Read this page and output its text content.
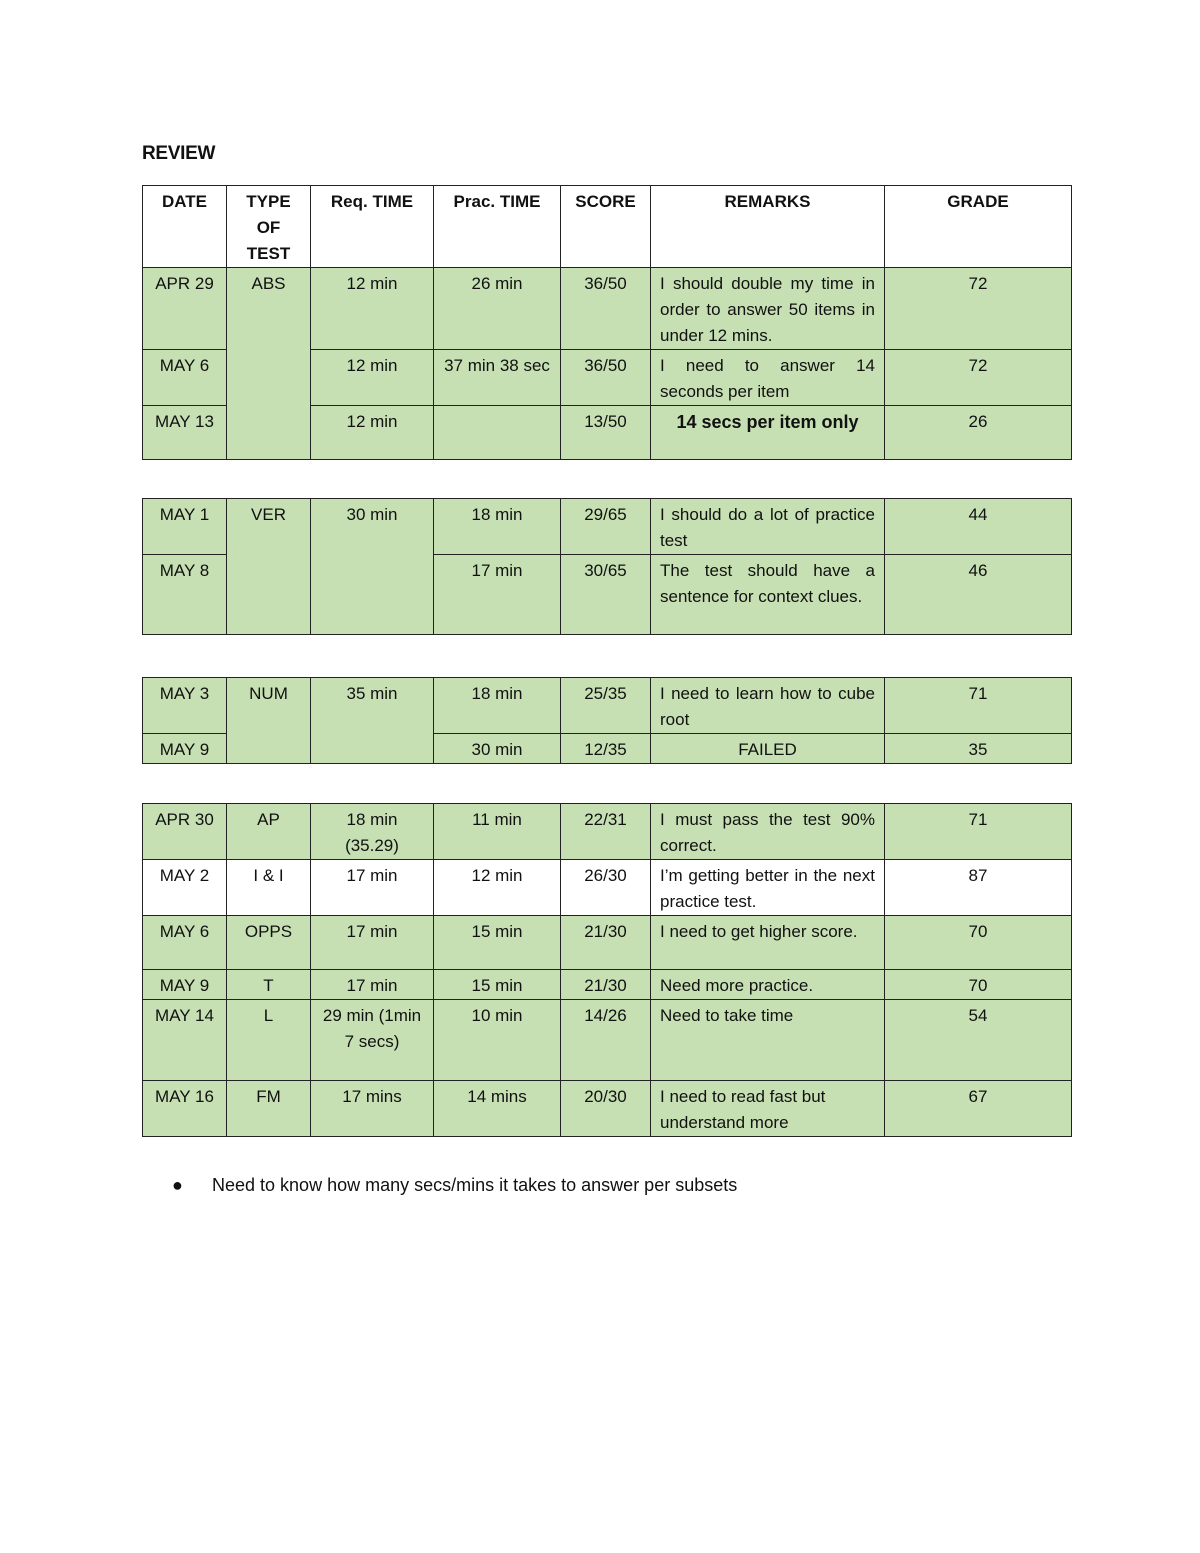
REVIEW
DATE	TYPE OF TEST	Req. TIME	Prac. TIME	SCORE	REMARKS	GRADE
APR 29	ABS	12 min	26 min	36/50	I should double my time in order to answer 50 items in under 12 mins.	72
MAY 6		12 min	37 min 38 sec	36/50	I need to answer 14 seconds per item	72
MAY 13		12 min		13/50	14 secs per item only	26
MAY 1	VER	30 min	18 min	29/65	I should do a lot of practice test	44
MAY 8			17 min	30/65	The test should have a sentence for context clues.	46
MAY 3	NUM	35 min	18 min	25/35	I need to learn how to cube root	71
MAY 9			30 min	12/35	FAILED	35
APR 30	AP	18 min (35.29)	11 min	22/31	I must pass the test 90% correct.	71
MAY 2	I & I	17 min	12 min	26/30	I’m getting better in the next practice test.	87
MAY 6	OPPS	17 min	15 min	21/30	I need to get higher score.	70
MAY 9	T	17 min	15 min	21/30	Need more practice.	70
MAY 14	L	29 min (1min 7 secs)	10 min	14/26	Need to take time	54
MAY 16	FM	17 mins	14 mins	20/30	I need to read fast but understand more	67
●	Need to know how many secs/mins it takes to answer per subsets
